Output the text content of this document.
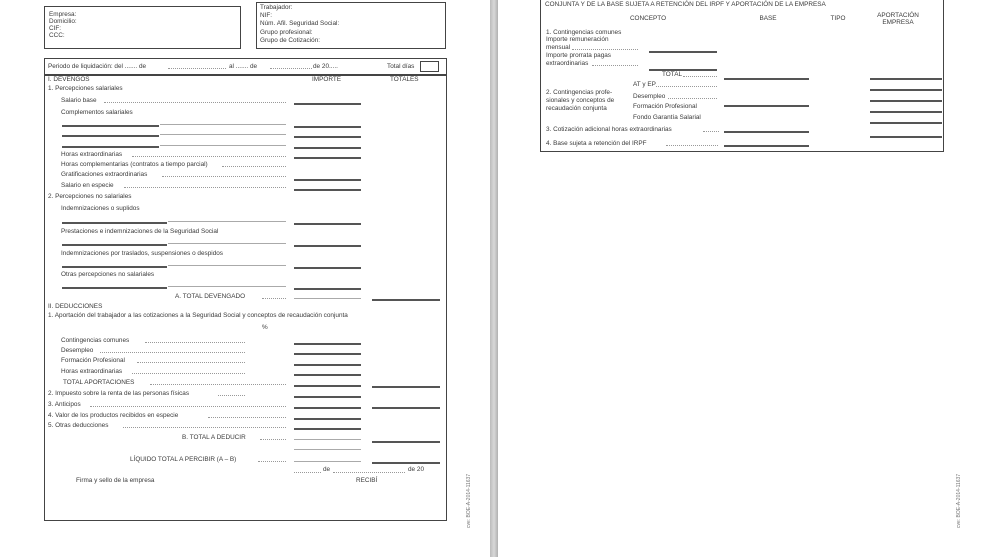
Empresa:
Domicilio:
CIF:
CCC:
Trabajador:
NIF:
Núm. Afil. Seguridad Social:
Grupo profesional:
Grupo de Cotización:
Periodo de liquidación: del ....... de	al ....... de	de 20.....	Total días
I. DEVENGOS	IMPORTE	TOTALES
1. Percepciones salariales
Salario base
Complementos salariales
Horas extraordinarias
Horas complementarias (contratos a tiempo parcial)
Gratificaciones extraordinarias
Salario en especie
2. Percepciones no salariales
Indemnizaciones o suplidos
Prestaciones e indemnizaciones de la Seguridad Social
Indemnizaciones por traslados, suspensiones o despidos
Otras percepciones no salariales
A. TOTAL DEVENGADO
II. DEDUCCIONES
1. Aportación del trabajador a las cotizaciones a la Seguridad Social y conceptos de recaudación conjunta
%
Contingencias comunes
Desempleo
Formación Profesional
Horas extraordinarias
TOTAL APORTACIONES
2. Impuesto sobre la renta de las personas físicas
3. Anticipos
4. Valor de los productos recibidos en especie
5. Otras deducciones
B. TOTAL A DEDUCIR
LÍQUIDO TOTAL A PERCIBIR (A – B)
de	de 20
Firma y sello de la empresa	RECIBÍ	cve: BOE-A-2014-11637
CONJUNTA Y DE LA BASE SUJETA A RETENCIÓN DEL IRPF Y APORTACIÓN DE LA EMPRESA
CONCEPTO	BASE	TIPO	APORTACIÓN
EMPRESA
1. Contingencias comunes
Importe remuneración
mensual
Importe prorrata pagas
extraordinarias
TOTAL
AT y EP
2. Contingencias profe-
sionales y conceptos de
recaudación conjunta
Desempleo
Formación Profesional
Fondo Garantía Salarial
3. Cotización adicional horas extraordinarias
4. Base sujeta a retención del IRPF
cve: BOE-A-2014-11637
